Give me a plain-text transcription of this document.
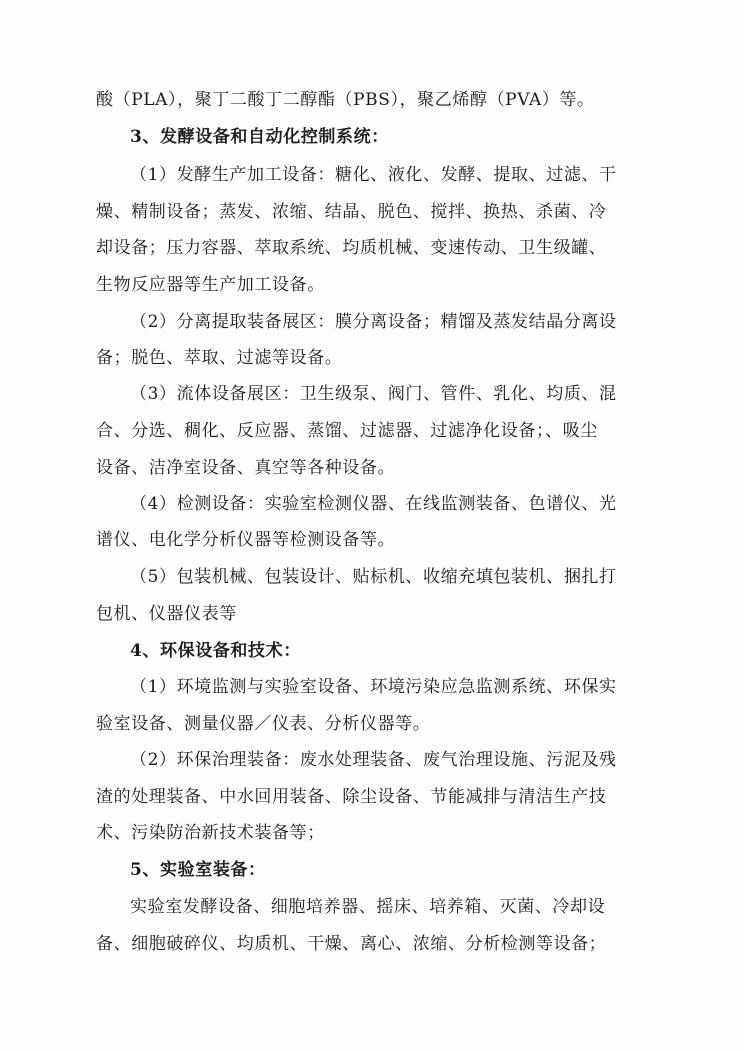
酸（PLA），聚丁二酸丁二醇酯（PBS），聚乙烯醇（PVA）等。
3、发酵设备和自动化控制系统：
（1）发酵生产加工设备：糖化、液化、发酵、提取、过滤、干
燥、精制设备；蒸发、浓缩、结晶、脱色、搅拌、换热、杀菌、冷
却设备；压力容器、萃取系统、均质机械、变速传动、卫生级罐、
生物反应器等生产加工设备。
（2）分离提取装备展区：膜分离设备；精馏及蒸发结晶分离设
备；脱色、萃取、过滤等设备。
（3）流体设备展区：卫生级泵、阀门、管件、乳化、均质、混
合、分选、稠化、反应器、蒸馏、过滤器、过滤净化设备；、吸尘
设备、洁净室设备、真空等各种设备。
（4）检测设备：实验室检测仪器、在线监测装备、色谱仪、光
谱仪、电化学分析仪器等检测设备等。
（5）包装机械、包装设计、贴标机、收缩充填包装机、捆扎打
包机、仪器仪表等
4、环保设备和技术：
（1）环境监测与实验室设备、环境污染应急监测系统、环保实
验室设备、测量仪器／仪表、分析仪器等。
（2）环保治理装备：废水处理装备、废气治理设施、污泥及残
渣的处理装备、中水回用装备、除尘设备、节能减排与清洁生产技
术、污染防治新技术装备等；
5、实验室装备：
实验室发酵设备、细胞培养器、摇床、培养箱、灭菌、冷却设
备、细胞破碎仪、均质机、干燥、离心、浓缩、分析检测等设备；
